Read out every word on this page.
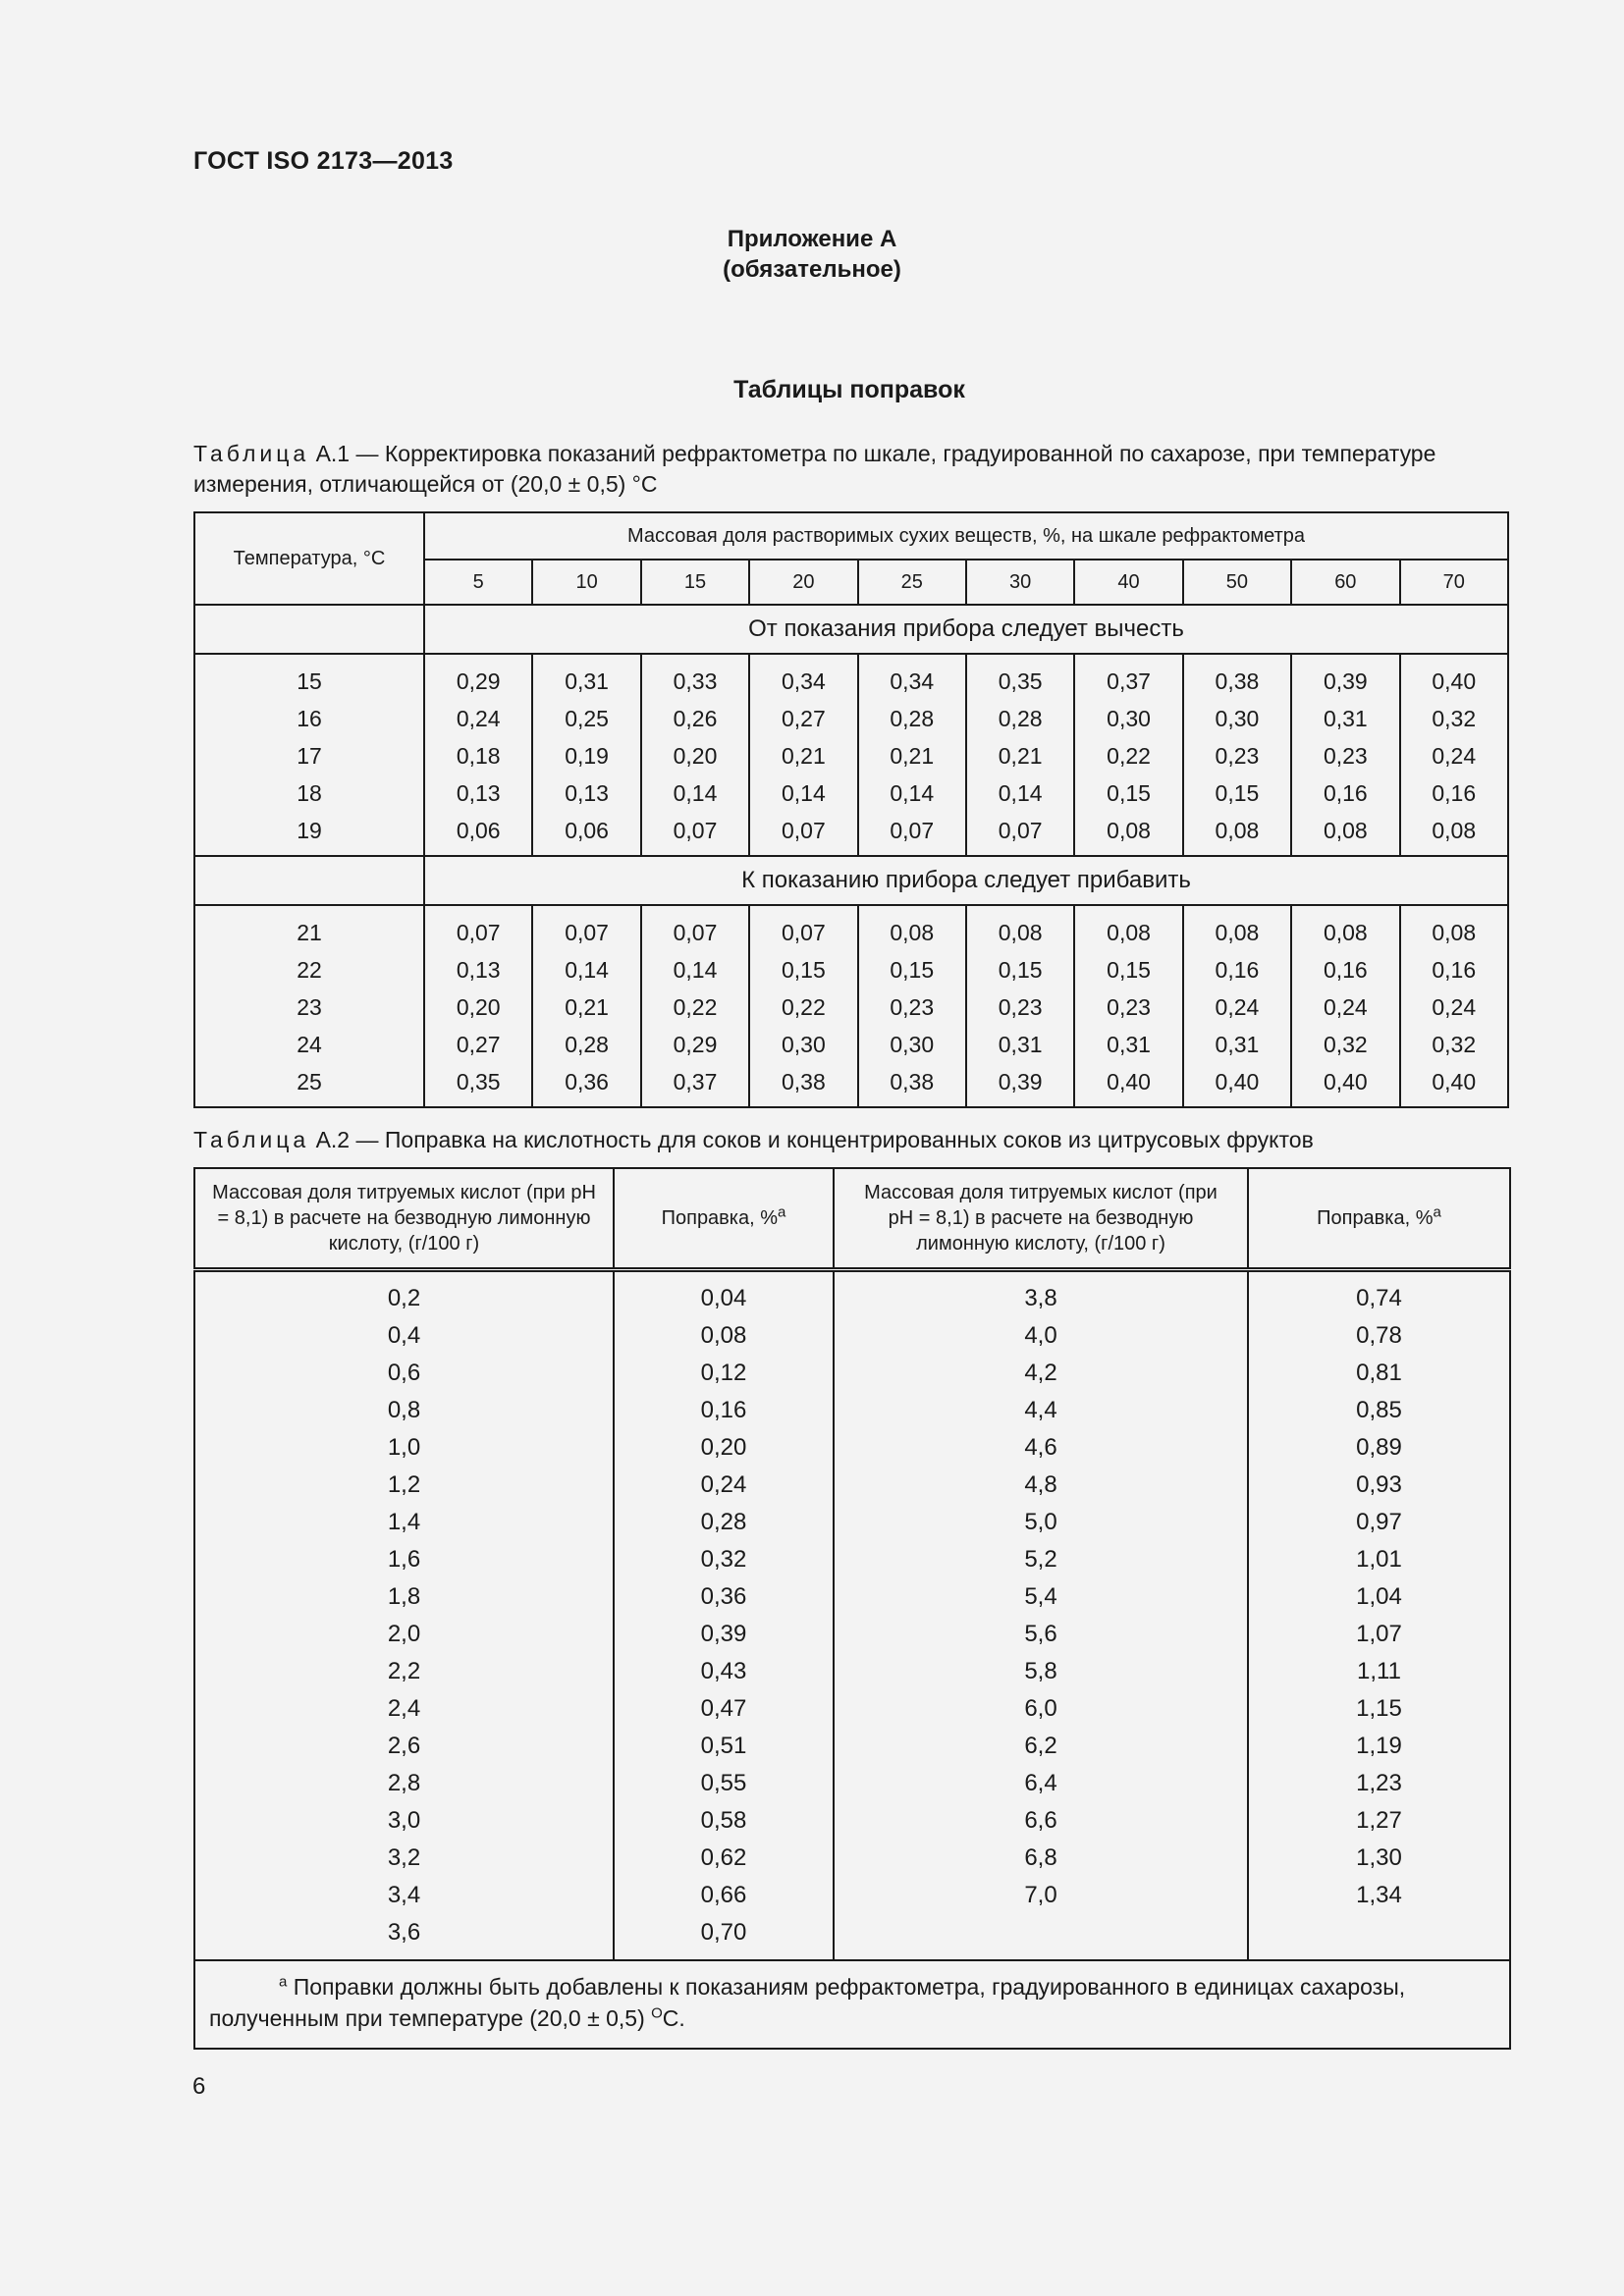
ГОСТ ISO 2173—2013
Приложение А
(обязательное)
Таблицы поправок
Таблица А.1 — Корректировка показаний рефрактометра по шкале, градуированной по сахарозе, при температуре измерения, отличающейся от (20,0 ± 0,5) °С
Температура, °С	Массовая доля растворимых сухих веществ, %, на шкале рефрактометра									
	5	10	15	20	25	30	40	50	60	70
	От показания прибора следует вычесть									
15	0,29	0,31	0,33	0,34	0,34	0,35	0,37	0,38	0,39	0,40
16	0,24	0,25	0,26	0,27	0,28	0,28	0,30	0,30	0,31	0,32
17	0,18	0,19	0,20	0,21	0,21	0,21	0,22	0,23	0,23	0,24
18	0,13	0,13	0,14	0,14	0,14	0,14	0,15	0,15	0,16	0,16
19	0,06	0,06	0,07	0,07	0,07	0,07	0,08	0,08	0,08	0,08
	К показанию прибора следует прибавить									
21	0,07	0,07	0,07	0,07	0,08	0,08	0,08	0,08	0,08	0,08
22	0,13	0,14	0,14	0,15	0,15	0,15	0,15	0,16	0,16	0,16
23	0,20	0,21	0,22	0,22	0,23	0,23	0,23	0,24	0,24	0,24
24	0,27	0,28	0,29	0,30	0,30	0,31	0,31	0,31	0,32	0,32
25	0,35	0,36	0,37	0,38	0,38	0,39	0,40	0,40	0,40	0,40
Таблица А.2 — Поправка на кислотность для соков и концентрированных соков из цитрусовых фруктов
Массовая доля титруемых кислот (при pH = 8,1) в расчете на безводную лимонную кислоту, (г/100 г)	Поправка, %$^a$	Массовая доля титруемых кислот (при pH = 8,1) в расчете на безводную лимонную кислоту, (г/100 г)	Поправка, %$^a$
0,2	0,04	3,8	0,74
0,4	0,08	4,0	0,78
0,6	0,12	4,2	0,81
0,8	0,16	4,4	0,85
1,0	0,20	4,6	0,89
1,2	0,24	4,8	0,93
1,4	0,28	5,0	0,97
1,6	0,32	5,2	1,01
1,8	0,36	5,4	1,04
2,0	0,39	5,6	1,07
2,2	0,43	5,8	1,11
2,4	0,47	6,0	1,15
2,6	0,51	6,2	1,19
2,8	0,55	6,4	1,23
3,0	0,58	6,6	1,27
3,2	0,62	6,8	1,30
3,4	0,66	7,0	1,34
3,6	0,70		

$^a$ Поправки должны быть добавлены к показаниям рефрактометра, градуированного в единицах сахарозы,
полученным при температуре (20,0 ± 0,5) $^O$С.			
6
